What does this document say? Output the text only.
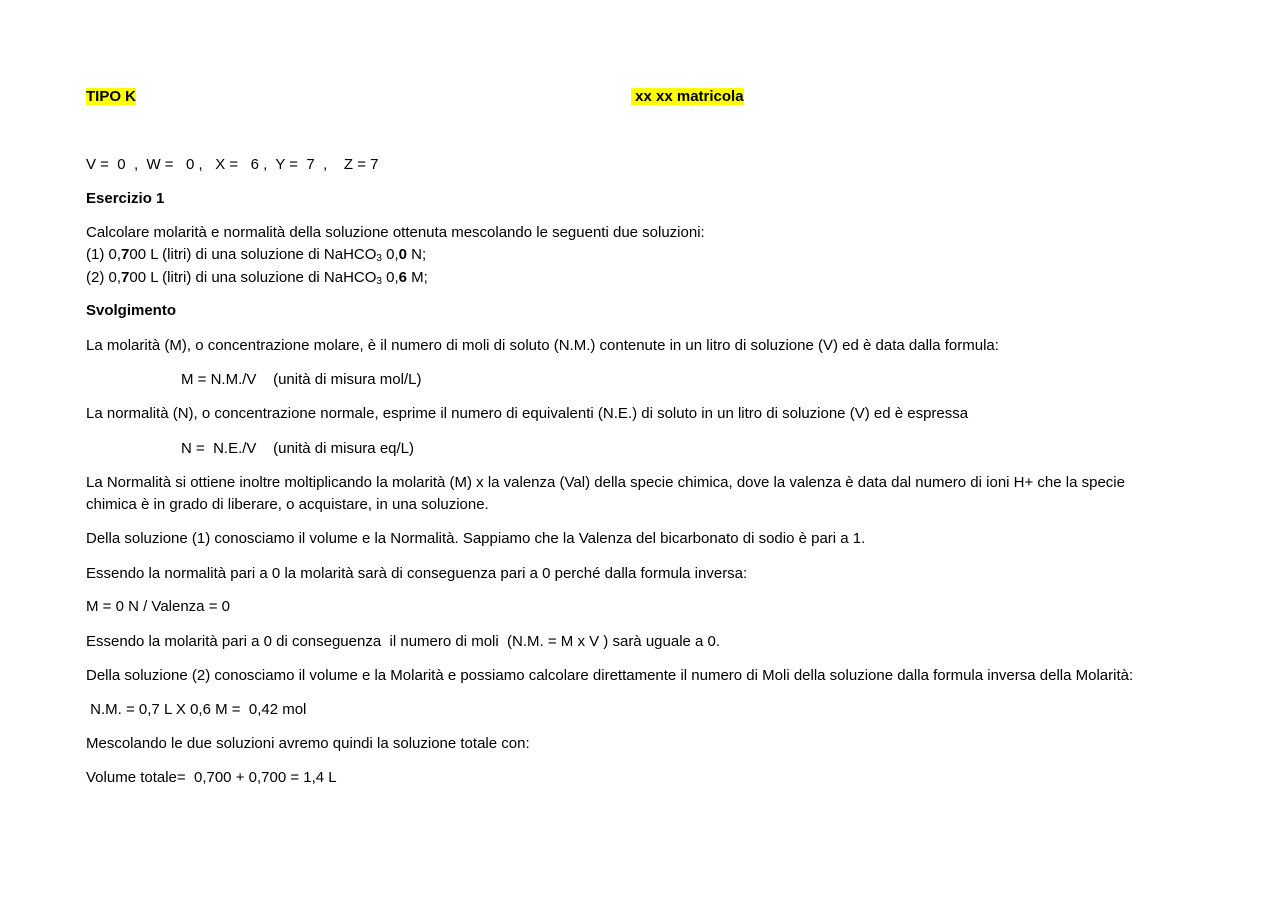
TIPO K	xx xx matricola
V =  0  ,  W =   0 ,   X =   6 ,  Y =  7  ,    Z = 7
Esercizio 1
Calcolare molarità e normalità della soluzione ottenuta mescolando le seguenti due soluzioni:
(1) 0,700 L (litri) di una soluzione di NaHCO$_3$ 0,0 N;
(2) 0,700 L (litri) di una soluzione di NaHCO$_3$ 0,6 M;
Svolgimento
La molarità (M), o concentrazione molare, è il numero di moli di soluto (N.M.) contenute in un litro di soluzione (V) ed è data dalla formula:
M = N.M./V    (unità di misura mol/L)
La normalità (N), o concentrazione normale, esprime il numero di equivalenti (N.E.) di soluto in un litro di soluzione (V) ed è espressa
N =  N.E./V    (unità di misura eq/L)
La Normalità si ottiene inoltre moltiplicando la molarità (M) x la valenza (Val) della specie chimica, dove la valenza è data dal numero di ioni H+ che la specie chimica è in grado di liberare, o acquistare, in una soluzione.
Della soluzione (1) conosciamo il volume e la Normalità. Sappiamo che la Valenza del bicarbonato di sodio è pari a 1.
Essendo la normalità pari a 0 la molarità sarà di conseguenza pari a 0 perché dalla formula inversa:
M = 0 N / Valenza = 0
Essendo la molarità pari a 0 di conseguenza  il numero di moli  (N.M. = M x V ) sarà uguale a 0.
Della soluzione (2) conosciamo il volume e la Molarità e possiamo calcolare direttamente il numero di Moli della soluzione dalla formula inversa della Molarità:
N.M. = 0,7 L X 0,6 M =  0,42 mol
Mescolando le due soluzioni avremo quindi la soluzione totale con:
Volume totale=  0,700 + 0,700 = 1,4 L
